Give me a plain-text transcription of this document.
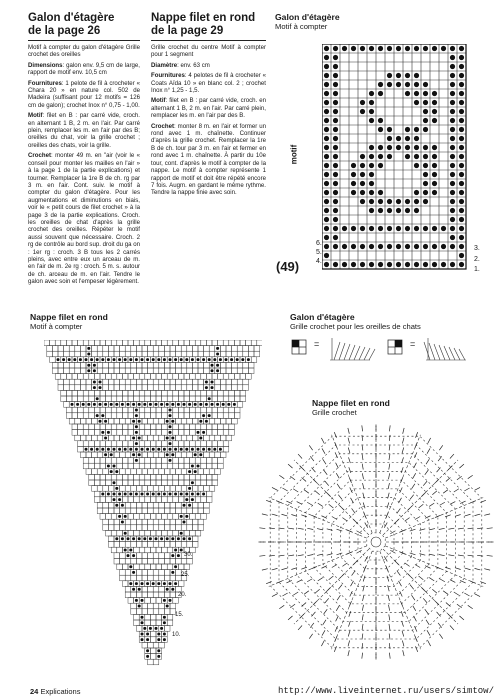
Galon d'étagère
de la page 26

Motif à compter du galon d'étagère Grille crochet des oreilles

Dimensions: galon env. 9,5 cm de large, rapport de motif env. 10,5 cm

Fournitures: 1 pelote de fil à crocheter « Chara 20 » en nature col. 502 de Madeira (suffisant pour 12 motifs = 126 cm de galon); crochet Inox n° 0,75 - 1,00.

Motif: filet en B : par carré vide, croch. en alternant 1 B, 2 m. en l'air. Par carré plein, remplacer les m. en l'air par des B; oreilles du chat, voir la grille crochet ; oreilles des chats, voir la grille.

Crochet: monter 49 m. en "air (voir le « conseil pour monter les mailles en l'air » à la page 1 de la partie explications) et tourner. Remplacer la 1re B de ch. rg par 3 m. en l'air. Cont. suiv. le motif à compter du galon d'étagère. Pour les augmentations et diminutions en biais, voir le « petit cours de filet crochet » à la page 3 de la partie explications. Croch. les oreilles de chat d'après la grille crochet des oreilles. Répéter le motif aussi souvent que nécessaire. Croch. 2 rg de contrôle au bord sup. droit du ga on : 1er rg : croch. 3 B tous les 2 carrés pleins, avec entre eux un arceau de m. en l'air de m. 2e rg : croch. 5 m. s. autour de ch. arceau de m. en l'air. Tendre le galon avec soin et l'empeser légèrement.

Nappe filet en rond
de la page 29

Grille crochet du centre Motif à compter pour 1 segment

Diamètre: env. 63 cm

Fournitures: 4 pelotes de fil à crocheter « Coats Aïda 10 » en blanc col. 2 ; crochet Inox n° 1,25 - 1,5.

Motif: filet en B : par carré vide, croch. en alternant 1 B, 2 m. en l'air. Par carré plein, remplacer les m. en l'air par des B.

Crochet: monter 8 m. en l'air et former un rond avec 1 m. chaînette. Continuer d'après la grille crochet. Remplacer la 1re B de ch. tour par 3 m. en l'air et fermer en rond avec 1 m. chaînette. À partir du 10e tour, cont. d'après le motif à compter de la nappe. Le motif à compter représente 1 rapport de motif et doit être répété encore 7 fois. Augm. en gardant le même rythme. Tendre la nappe finie avec soin.

Galon d'étagère
Motif à compter
motif
(49)
6.
5.
4.
3.
2.
1.
Nappe filet en rond
Motif à compter
10.
15.
20.
25.
30.
Galon d'étagère
Grille crochet pour les oreilles de chats
=	=
Nappe filet en rond
Grille crochet
24 Explications	http://www.liveinternet.ru/users/simtow/
